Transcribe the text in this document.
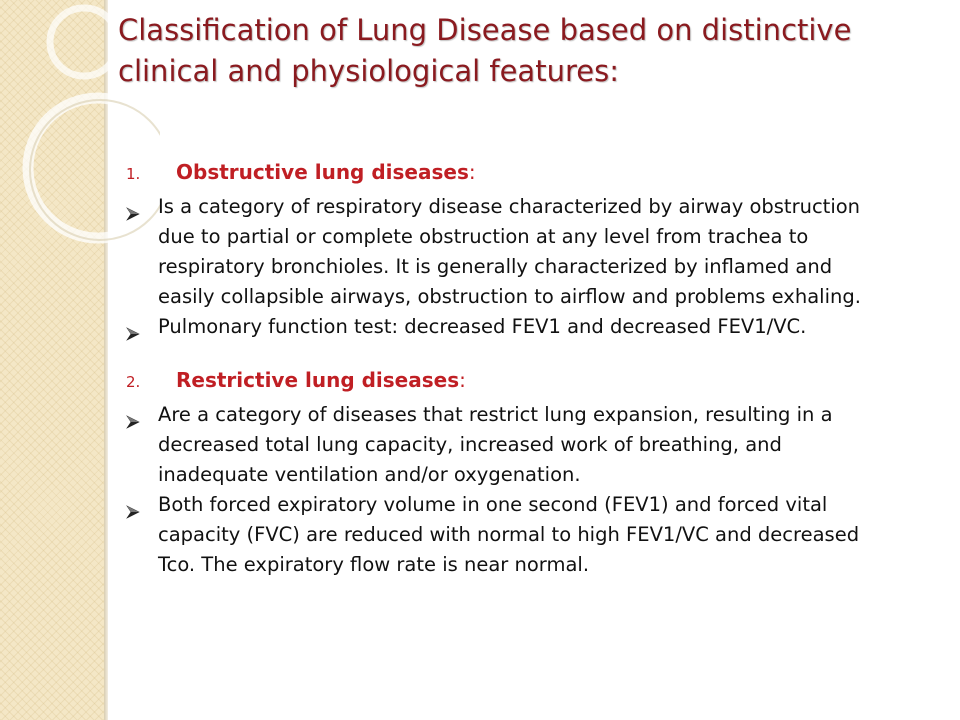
Classification of Lung Disease based on distinctive clinical and physiological features:
1.	Obstructive lung diseases :
Is a category of respiratory disease characterized by airway obstruction
due to partial or complete obstruction at any level from trachea to
respiratory bronchioles. It is generally characterized by inflamed and
easily collapsible airways, obstruction to airflow and problems exhaling.
Pulmonary function test: decreased FEV1 and decreased FEV1/VC.
2.	Restrictive lung diseases :
Are a category of diseases that restrict lung expansion, resulting in a
decreased total lung capacity, increased work of breathing, and
inadequate ventilation and/or oxygenation.
Both forced expiratory volume in one second (FEV1) and forced vital
capacity (FVC) are reduced with normal to high FEV1/VC and decreased
Tco. The expiratory flow rate is near normal.
